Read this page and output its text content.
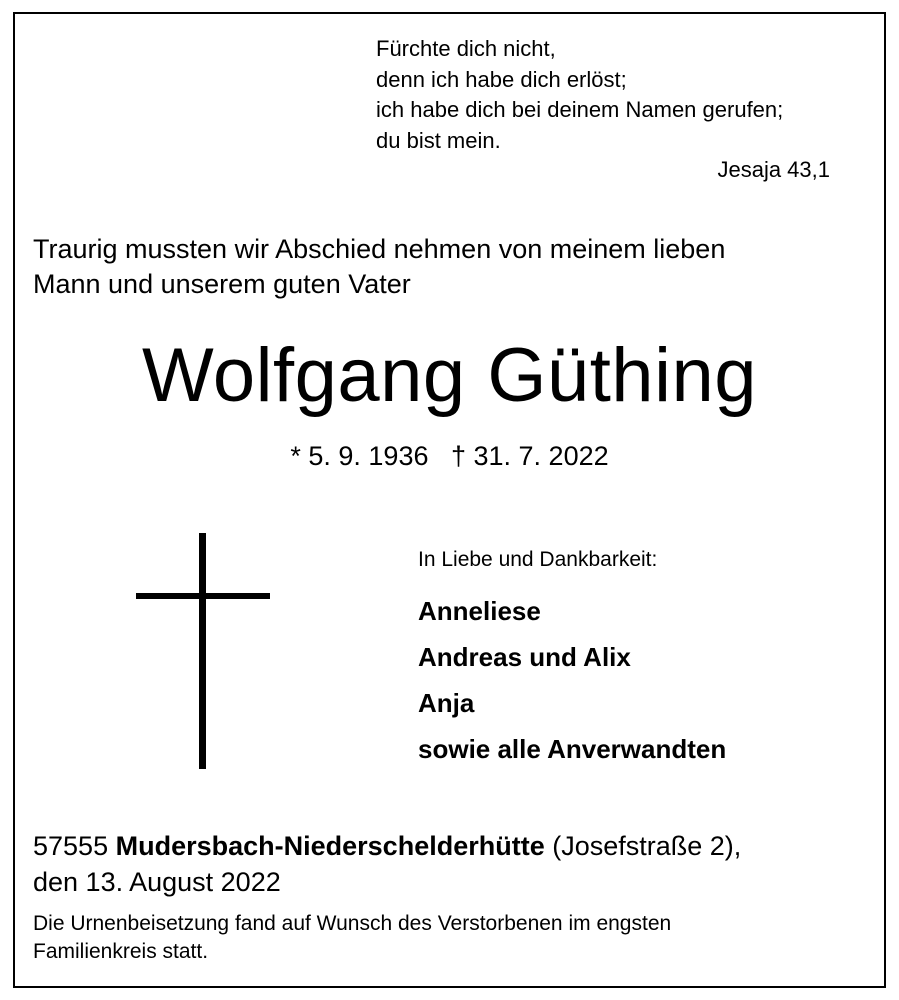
Fürchte dich nicht,
denn ich habe dich erlöst;
ich habe dich bei deinem Namen gerufen;
du bist mein.
Jesaja 43,1
Traurig mussten wir Abschied nehmen von meinem lieben
Mann und unserem guten Vater
Wolfgang Güthing
* 5. 9. 1936   † 31. 7. 2022
In Liebe und Dankbarkeit:
Anneliese
Andreas und Alix
Anja
sowie alle Anverwandten
57555 Mudersbach-Niederschelderhütte (Josefstraße 2),
den 13. August 2022
Die Urnenbeisetzung fand auf Wunsch des Verstorbenen im engsten
Familienkreis statt.
